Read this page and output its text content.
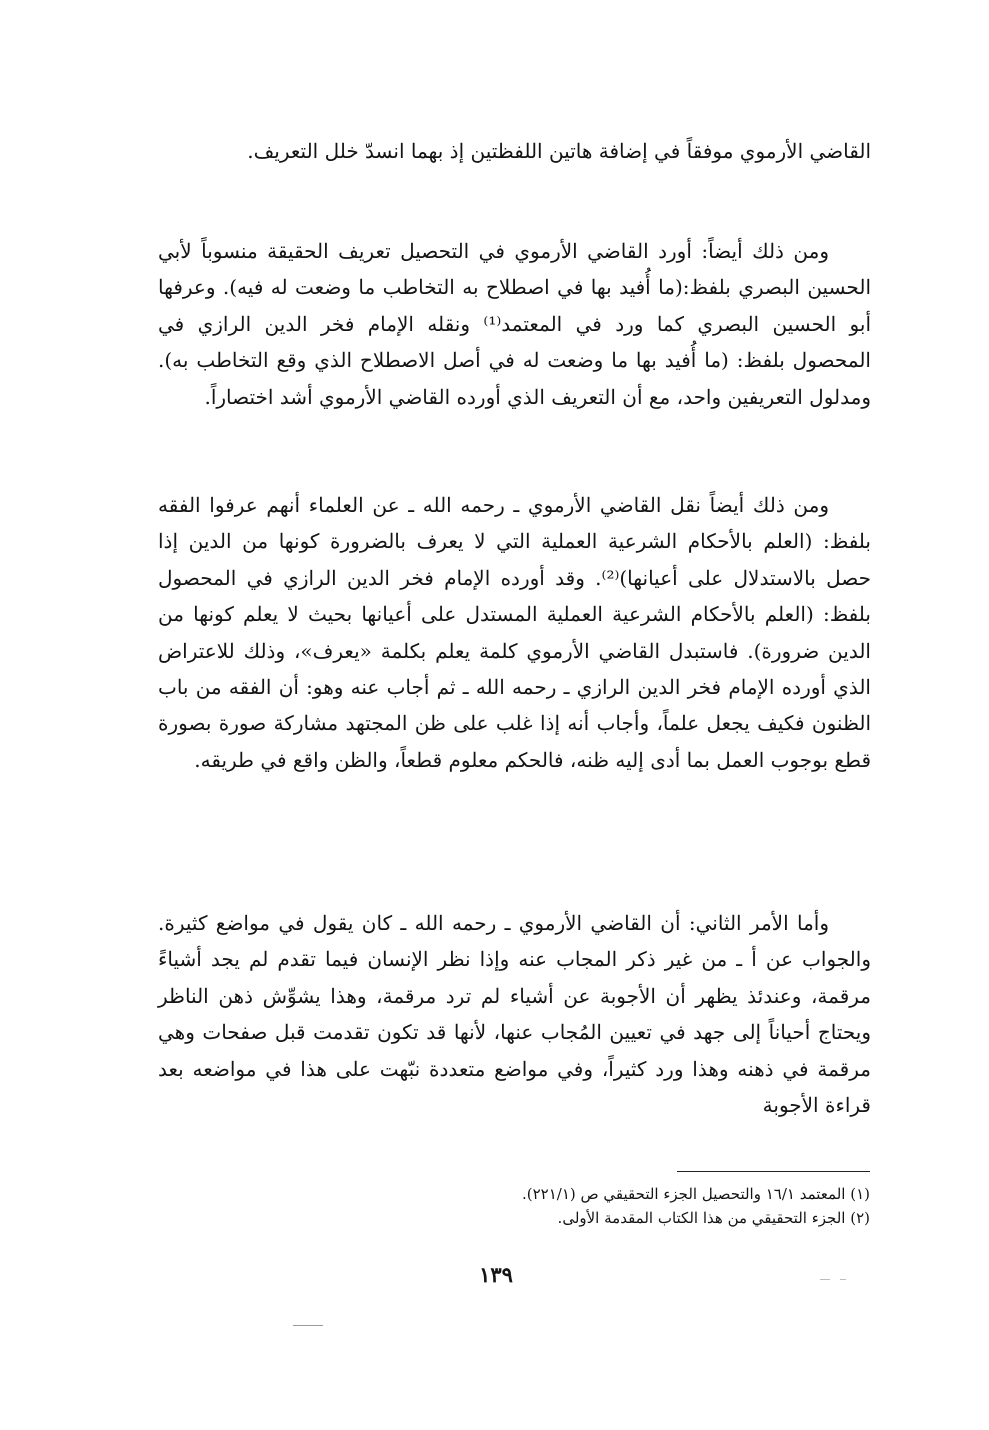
القاضي الأرموي موفقاً في إضافة هاتين اللفظتين إذ بهما انسدّ خلل التعريف.

ومن ذلك أيضاً: أورد القاضي الأرموي في التحصيل تعريف الحقيقة منسوباً لأبي الحسين البصري بلفظ:(ما أُفيد بها في اصطلاح به التخاطب ما وضعت له فيه). وعرفها أبو الحسين البصري كما ورد في المعتمد⁽¹⁾ ونقله الإمام فخر الدين الرازي في المحصول بلفظ: (ما أُفيد بها ما وضعت له في أصل الاصطلاح الذي وقع التخاطب به). ومدلول التعريفين واحد، مع أن التعريف الذي أورده القاضي الأرموي أشد اختصاراً.

ومن ذلك أيضاً نقل القاضي الأرموي ـ رحمه الله ـ عن العلماء أنهم عرفوا الفقه بلفظ: (العلم بالأحكام الشرعية العملية التي لا يعرف بالضرورة كونها من الدين إذا حصل بالاستدلال على أعيانها)⁽²⁾. وقد أورده الإمام فخر الدين الرازي في المحصول بلفظ: (العلم بالأحكام الشرعية العملية المستدل على أعيانها بحيث لا يعلم كونها من الدين ضرورة). فاستبدل القاضي الأرموي كلمة يعلم بكلمة «يعرف»، وذلك للاعتراض الذي أورده الإمام فخر الدين الرازي ـ رحمه الله ـ ثم أجاب عنه وهو: أن الفقه من باب الظنون فكيف يجعل علماً، وأجاب أنه إذا غلب على ظن المجتهد مشاركة صورة بصورة قطع بوجوب العمل بما أدى إليه ظنه، فالحكم معلوم قطعاً، والظن واقع في طريقه.

وأما الأمر الثاني: أن القاضي الأرموي ـ رحمه الله ـ كان يقول في مواضع كثيرة. والجواب عن أ ـ من غير ذكر المجاب عنه وإذا نظر الإنسان فيما تقدم لم يجد أشياءً مرقمة، وعندئذ يظهر أن الأجوبة عن أشياء لم ترد مرقمة، وهذا يشوِّش ذهن الناظر ويحتاج أحياناً إلى جهد في تعيين المُجاب عنها، لأنها قد تكون تقدمت قبل صفحات وهي مرقمة في ذهنه وهذا ورد كثيراً، وفي مواضع متعددة نبّهت على هذا في مواضعه بعد قراءة الأجوبة

(١) المعتمد ١٦/١ والتحصيل الجزء التحقيقي ص (٢٢١/١).

(٢) الجزء التحقيقي من هذا الكتاب المقدمة الأولى.

١٣٩
